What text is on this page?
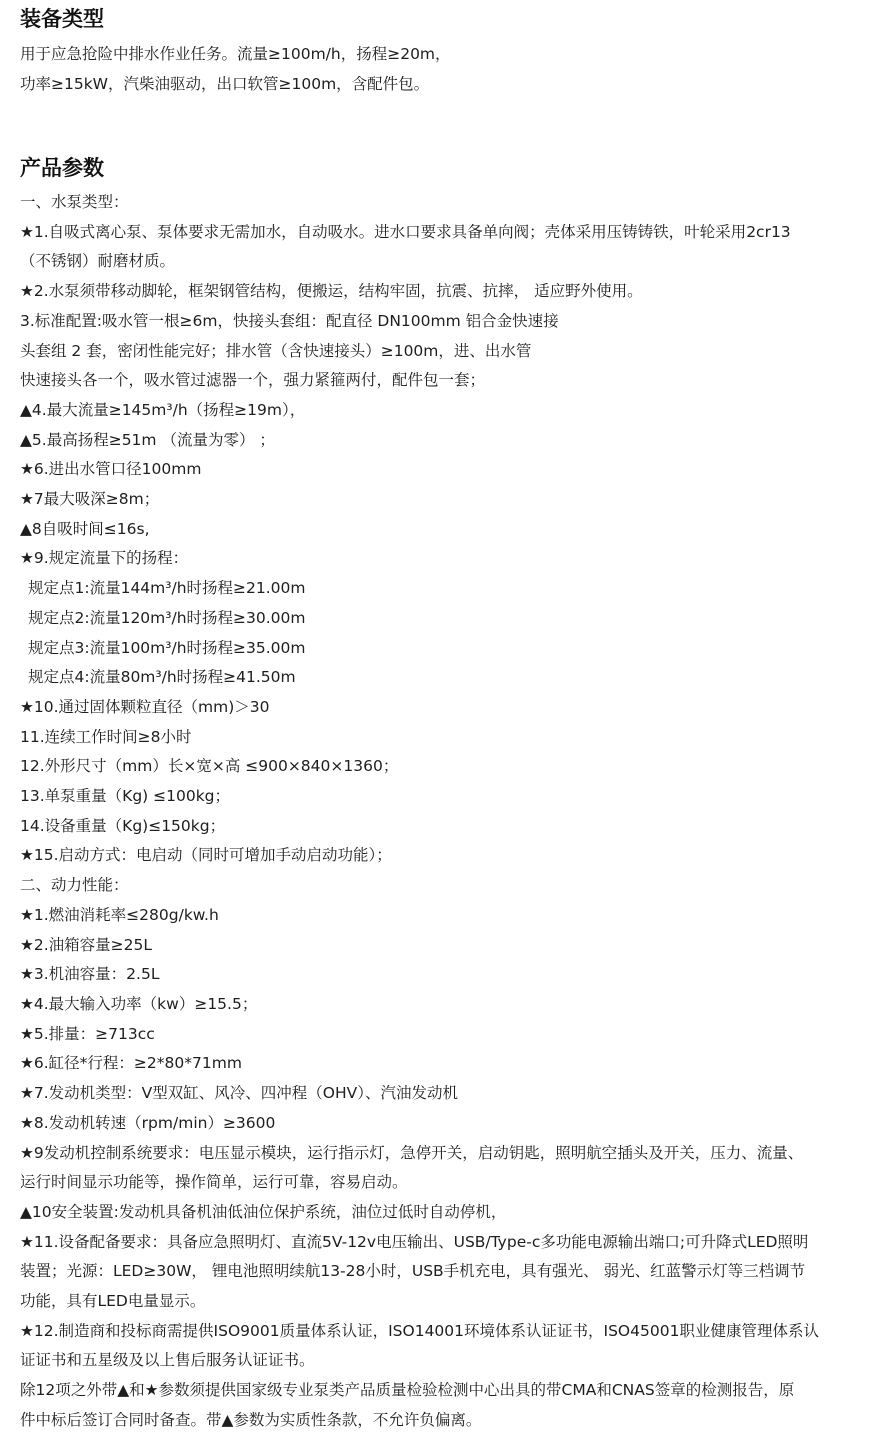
装备类型

用于应急抢险中排水作业任务。流量≥100m/h，扬程≥20m，

功率≥15kW，汽柴油驱动，出口软管≥100m，含配件包。

产品参数

一、水泵类型：

★1.自吸式离心泵、泵体要求无需加水，自动吸水。进水口要求具备单向阀；壳体采用压铸铸铁，叶轮采用2cr13

（不锈钢）耐磨材质。

★2.水泵须带移动脚轮，框架钢管结构，便搬运，结构牢固，抗震、抗摔， 适应野外使用。

3.标准配置:吸水管一根≥6m，快接头套组：配直径 DN100mm 铝合金快速接

头套组 2 套，密闭性能完好；排水管（含快速接头）≥100m，进、出水管

快速接头各一个，吸水管过滤器一个，强力紧箍两付，配件包一套；

▲4.最大流量≥145m³/h（扬程≥19m），

▲5.最高扬程≥51m （流量为零） ；

★6.进出水管口径100mm

★7最大吸深≥8m；

▲8自吸时间≤16s,

★9.规定流量下的扬程：

规定点1:流量144m³/h时扬程≥21.00m

规定点2:流量120m³/h时扬程≥30.00m

规定点3:流量100m³/h时扬程≥35.00m

规定点4:流量80m³/h时扬程≥41.50m

★10.通过固体颗粒直径（mm)＞30

11.连续工作时间≥8小时

12.外形尺寸（mm）长×宽×高 ≤900×840×1360；

13.单泵重量（Kg) ≤100kg；

14.设备重量（Kg)≤150kg；

★15.启动方式：电启动（同时可增加手动启动功能）；

二、动力性能：

★1.燃油消耗率≤280g/kw.h

★2.油箱容量≥25L

★3.机油容量：2.5L

★4.最大输入功率（kw）≥15.5；

★5.排量：≥713cc

★6.缸径*行程：≥2*80*71mm

★7.发动机类型：V型双缸、风冷、四冲程（OHV）、汽油发动机

★8.发动机转速（rpm/min）≥3600

★9发动机控制系统要求：电压显示模块，运行指示灯，急停开关，启动钥匙，照明航空插头及开关，压力、流量、

运行时间显示功能等，操作简单，运行可靠，容易启动。

▲10安全装置:发动机具备机油低油位保护系统，油位过低时自动停机，

★11.设备配备要求：具备应急照明灯、直流5V-12v电压输出、USB/Type-c多功能电源输出端口;可升降式LED照明

装置；光源：LED≥30W， 锂电池照明续航13-28小时，USB手机充电，具有强光、 弱光、红蓝警示灯等三档调节

功能，具有LED电量显示。

★12.制造商和投标商需提供ISO9001质量体系认证，ISO14001环境体系认证证书，ISO45001职业健康管理体系认

证证书和五星级及以上售后服务认证证书。

除12项之外带▲和★参数须提供国家级专业泵类产品质量检验检测中心出具的带CMA和CNAS签章的检测报告，原

件中标后签订合同时备查。带▲参数为实质性条款，不允许负偏离。
